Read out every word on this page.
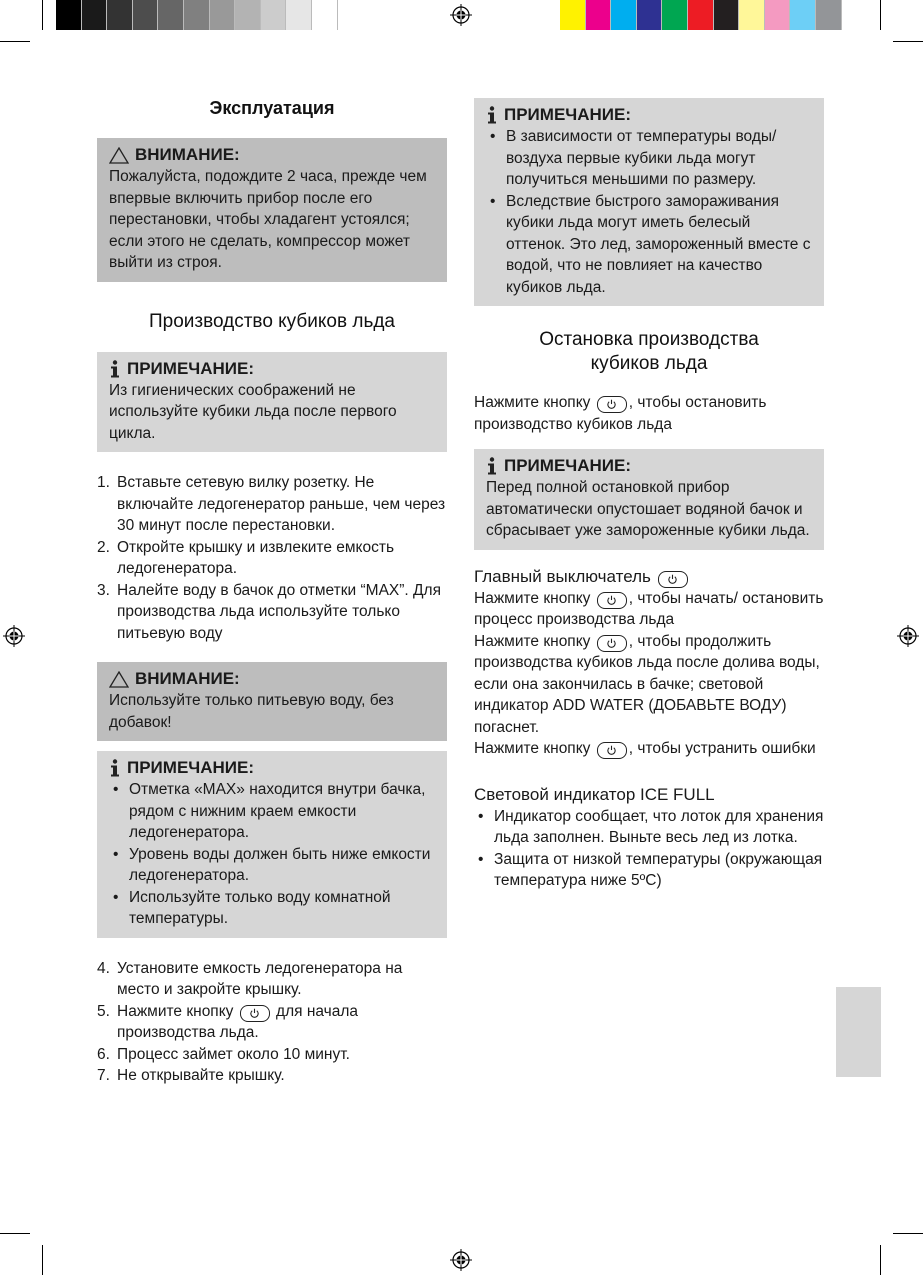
Эксплуатация
ВНИМАНИЕ:

Пожалуйста, подождите 2 часа, прежде чем впервые включить прибор после его перестановки, чтобы хладагент устоялся; если этого не сделать, компрессор может выйти из строя.

Производство кубиков льда
ПРИМЕЧАНИЕ:

Из гигиенических соображений не используйте кубики льда после первого цикла.

1. Вставьте сетевую вилку розетку. Не включайте ледогенератор раньше, чем через 30 минут после перестановки.
2. Откройте крышку и извлеките емкость ледогенератора.
3. Налейте воду в бачок до отметки “MAX”. Для производства льда используйте только питьевую воду
ВНИМАНИЕ:

Используйте только питьевую воду, без добавок!

ПРИМЕЧАНИЕ:
• Отметка «MAX» находится внутри бачка, рядом с нижним краем емкости ледогенератора.
• Уровень воды должен быть ниже емкости ледогенератора.
• Используйте только воду комнатной температуры.
4. Установите емкость ледогенератора на место и закройте крышку.
5. Нажмите кнопку	для начала производства льда.
6. Процесс займет около 10 минут.
7. Не открывайте крышку.
ПРИМЕЧАНИЕ:
• В зависимости от температуры воды/ воздуха первые кубики льда могут получиться меньшими по размеру.
• Вследствие быстрого замораживания кубики льда могут иметь белесый оттенок. Это лед, замороженный вместе с водой, что не повлияет на качество кубиков льда.
Остановка производства
кубиков льда

Нажмите кнопку , чтобы остановить производство кубиков льда

ПРИМЕЧАНИЕ:

Перед полной остановкой прибор автоматически опустошает водяной бачок и сбрасывает уже замороженные кубики льда.

Главный выключатель

Нажмите кнопку , чтобы начать/ остановить процесс производства льда

Нажмите кнопку , чтобы продолжить производства кубиков льда после долива воды, если она закончилась в бачке; световой индикатор ADD WATER (ДОБАВЬТЕ ВОДУ) погаснет.

Нажмите кнопку , чтобы устранить ошибки

Световой индикатор ICE FULL

• Индикатор сообщает, что лоток для хранения льда заполнен. Выньте весь лед из лотка.
• Защита от низкой температуры (окружающая температура ниже 5ºC)
